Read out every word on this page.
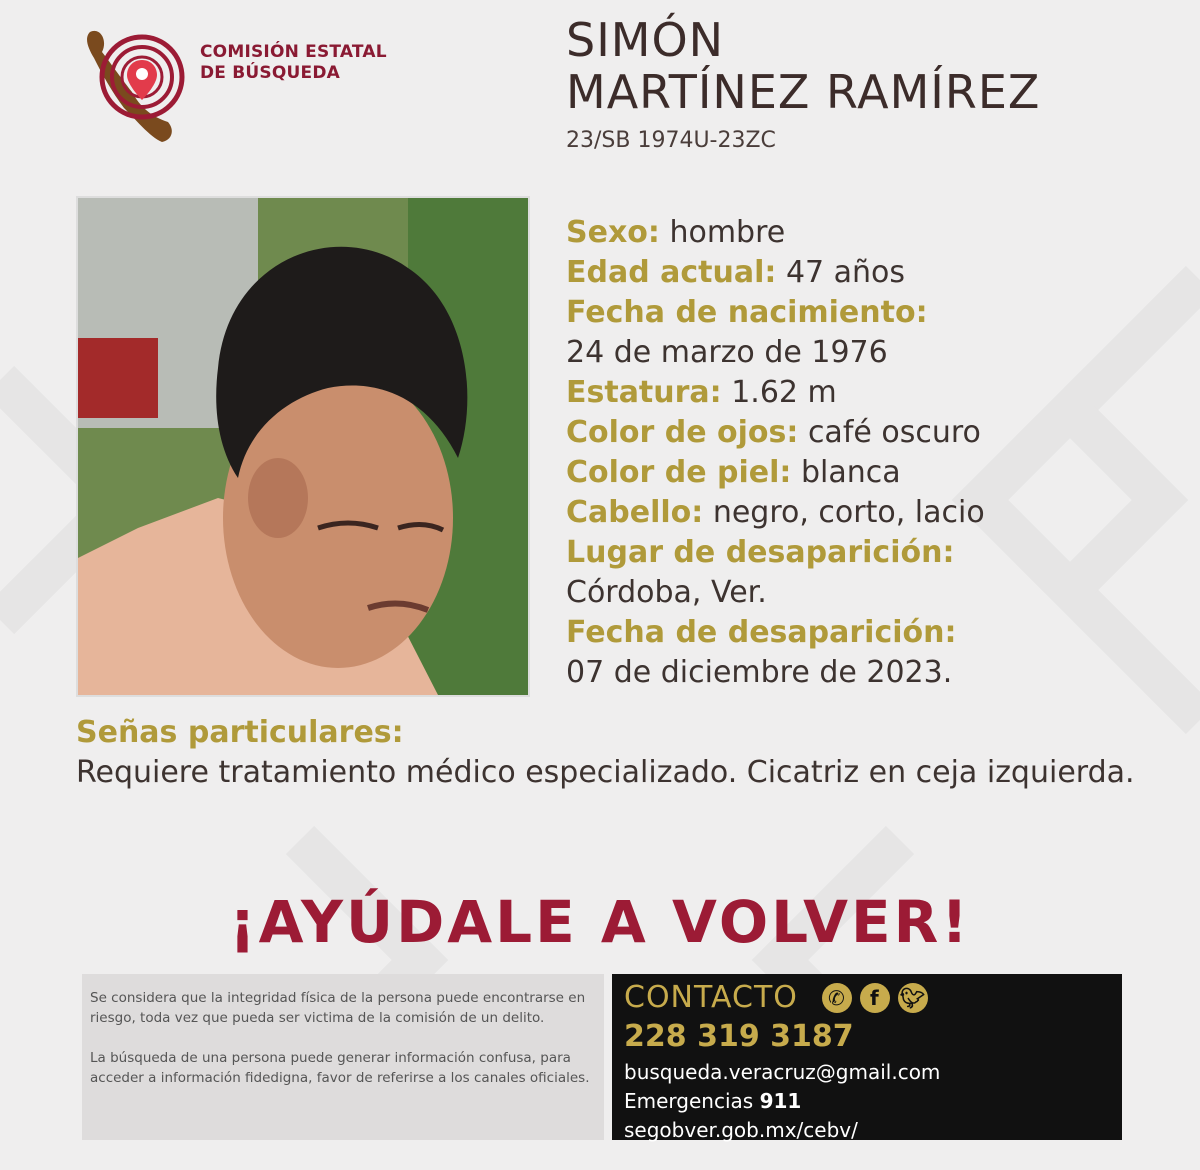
COMISIÓN ESTATAL
DE BÚSQUEDA
SIMÓN
MARTÍNEZ RAMÍREZ
23/SB 1974U-23ZC
Sexo: hombre
Edad actual: 47 años
Fecha de nacimiento:
24 de marzo de 1976
Estatura: 1.62 m
Color de ojos: café oscuro
Color de piel: blanca
Cabello: negro, corto, lacio
Lugar de desaparición:
Córdoba, Ver.
Fecha de desaparición:
07 de diciembre de 2023.
Señas particulares:
Requiere tratamiento médico especializado. Cicatriz en ceja izquierda.
¡AYÚDALE A VOLVER!

Se considera que la integridad física de la persona puede encontrarse en riesgo, toda vez que pueda ser victima de la comisión de un delito.

La búsqueda de una persona puede generar información confusa, para acceder a información fidedigna, favor de referirse a los canales oficiales.

CONTACTO	✆	f 🐦︎
228 319 3187
busqueda.veracruz@gmail.com
Emergencias 911
segobver.gob.mx/cebv/
